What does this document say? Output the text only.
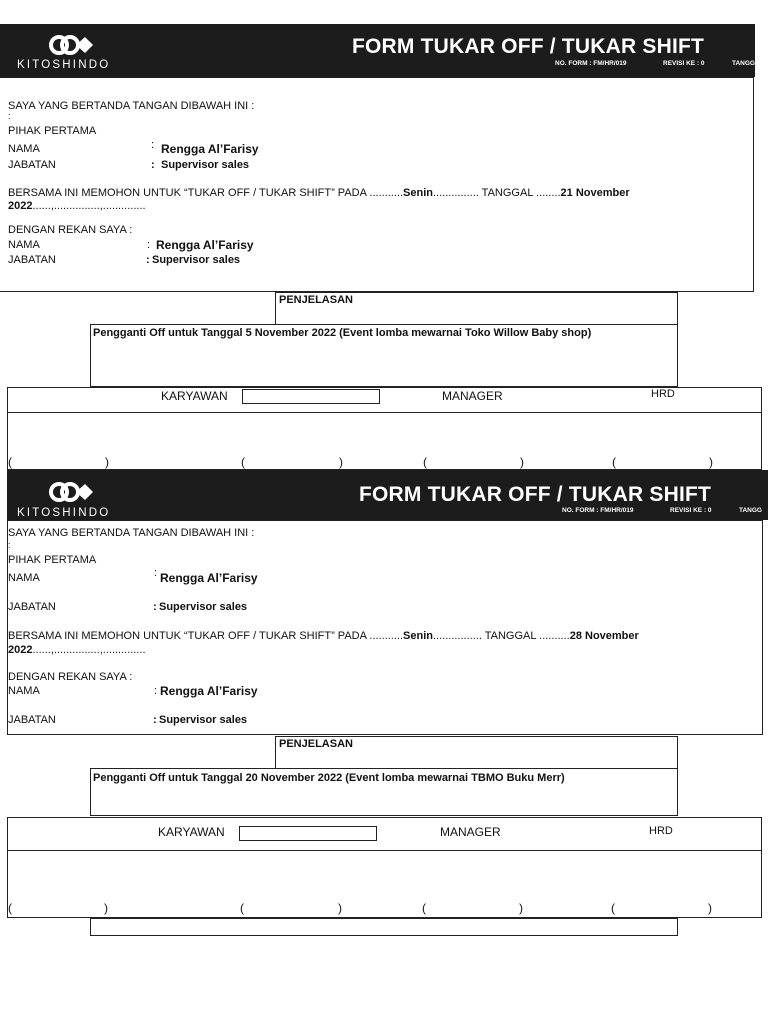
KITOSHINDO
FORM TUKAR OFF / TUKAR SHIFT
NO. FORM : FM/HR/019	REVISI KE : 0	TANGG
SAYA YANG BERTANDA TANGAN DIBAWAH INI :
:
PIHAK PERTAMA
NAMA	: Rengga Al’Farisy
JABATAN	: Supervisor sales
BERSAMA INI MEMOHON UNTUK “TUKAR OFF / TUKAR SHIFT” PADA ...........Senin............... TANGGAL ........21 November
2022......,...............,..............
DENGAN REKAN SAYA :
NAMA	: Rengga Al’Farisy
JABATAN	: Supervisor sales
PENJELASAN
Pengganti Off untuk Tanggal 5 November 2022 (Event lomba mewarnai Toko Willow Baby shop)
KARYAWAN	MANAGER	HRD
(	)	(	)	(	)	(	)
KITOSHINDO
FORM TUKAR OFF / TUKAR SHIFT
NO. FORM : FM/HR/019	REVISI KE : 0	TANGG
SAYA YANG BERTANDA TANGAN DIBAWAH INI :
:
PIHAK PERTAMA
NAMA	: Rengga Al’Farisy
JABATAN	: Supervisor sales
BERSAMA INI MEMOHON UNTUK “TUKAR OFF / TUKAR SHIFT” PADA ...........Senin................ TANGGAL ..........28 November
2022......,...............,..............
DENGAN REKAN SAYA :
NAMA	: Rengga Al’Farisy
JABATAN	: Supervisor sales
PENJELASAN
Pengganti Off untuk Tanggal 20 November 2022 (Event lomba mewarnai TBMO Buku Merr)
KARYAWAN	MANAGER	HRD
(	)	(	)	(	)	(	)
